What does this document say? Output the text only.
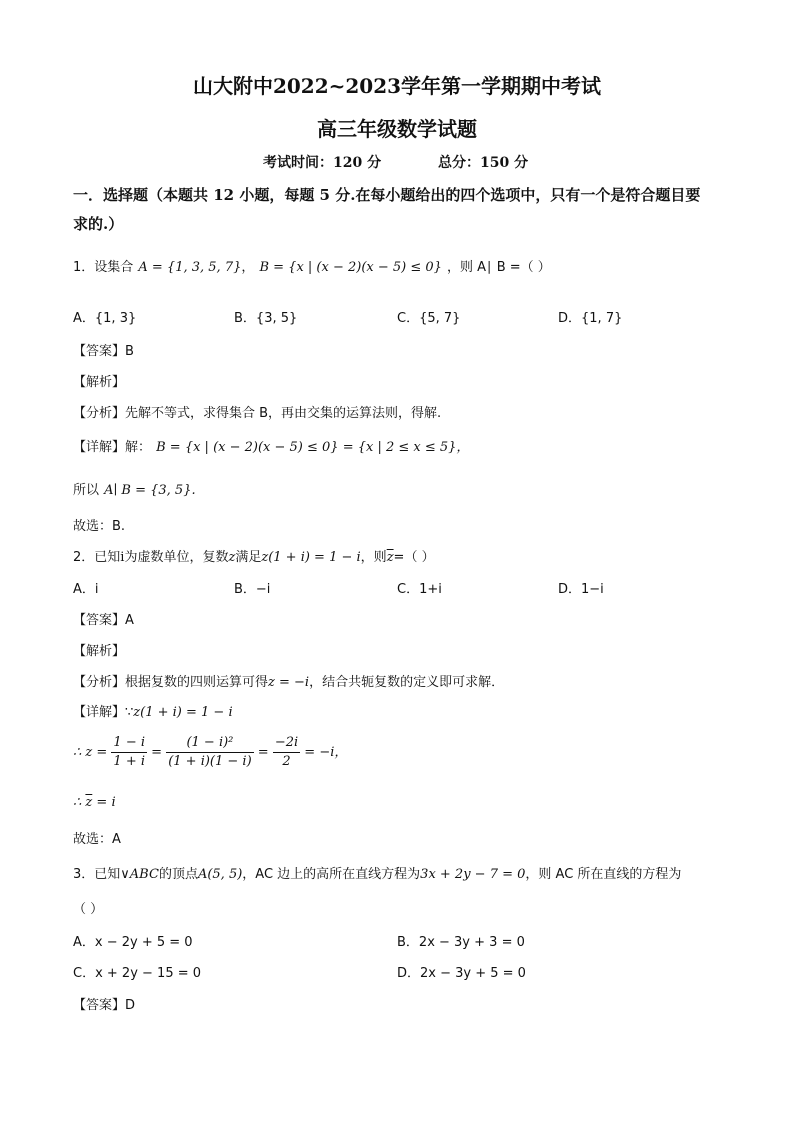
山大附中2022~2023学年第一学期期中考试
高三年级数学试题
考试时间：120 分	总分：150 分
一．选择题（本题共 12 小题，每题 5 分.在每小题给出的四个选项中，只有一个是符合题目要
求的.）
1．设集合 A = {1, 3, 5, 7}， B = {x | (x − 2)(x − 5) ≤ 0} ，则 A∣ B =（ ）
A．{1, 3}	B．{3, 5}	C．{5, 7}	D．{1, 7}
【答案】B
【解析】
【分析】先解不等式，求得集合 B，再由交集的运算法则，得解.
【详解】解： B = {x | (x − 2)(x − 5) ≤ 0} = {x | 2 ≤ x ≤ 5}，
所以 A∣ B = {3, 5}.
故选：B.
2．已知i为虚数单位，复数z满足z(1 + i) = 1 − i，则$\overline{z}=$（ ）
A．i	B．−i	C．1+i	D．1−i
【答案】A
【解析】
【分析】根据复数的四则运算可得z = −i，结合共轭复数的定义即可求解．
【详解】∵z(1 + i) = 1 − i
∴ $z = \frac{1 - i}{1 + i} = \frac{\text{(1 − i)²}}{(1 + i)(1 - i)} = \frac{-2i}{2} = -i$，
∴ $\overline{z} = i$
故选：A
3．已知∨ABC的顶点A(5, 5)，AC 边上的高所在直线方程为3x + 2y − 7 = 0，则 AC 所在直线的方程为
（ ）
A．x − 2y + 5 = 0	B．2x − 3y + 3 = 0
C．x + 2y − 15 = 0	D．2x − 3y + 5 = 0
【答案】D
